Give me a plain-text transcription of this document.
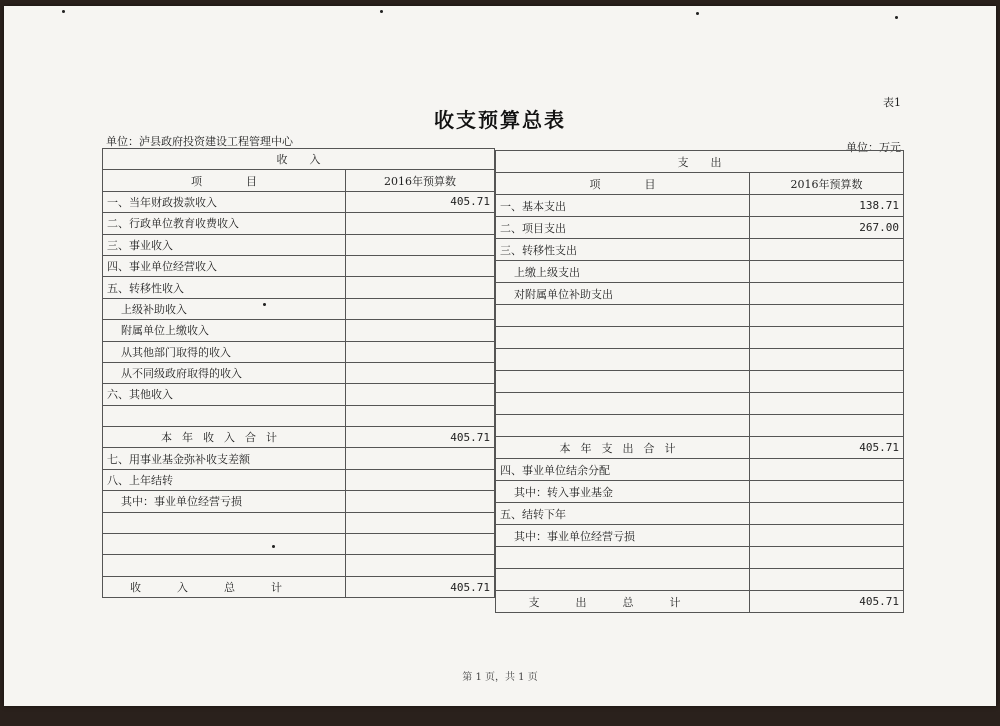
收支预算总表
表1
单位：泸县政府投资建设工程管理中心	单位：万元
收　　入	
项　　　　目	2016年预算数
一、当年财政拨款收入	405.71
二、行政单位教育收费收入	
三、事业收入	
四、事业单位经营收入	
五、转移性收入	
上级补助收入	
附属单位上缴收入	
从其他部门取得的收入	
从不同级政府取得的收入	
六、其他收入	

本年收入合计	405.71
七、用事业基金弥补收支差额	
八、上年结转	
其中：事业单位经营亏损	

收入总计	405.71
支　　出	
项　　　　目	2016年预算数
一、基本支出	138.71
二、项目支出	267.00
三、转移性支出	
上缴上级支出	
对附属单位补助支出	

本年支出合计	405.71
四、事业单位结余分配	
其中：转入事业基金	
五、结转下年	
其中：事业单位经营亏损	

支出总计	405.71
第 1 页，共 1 页
